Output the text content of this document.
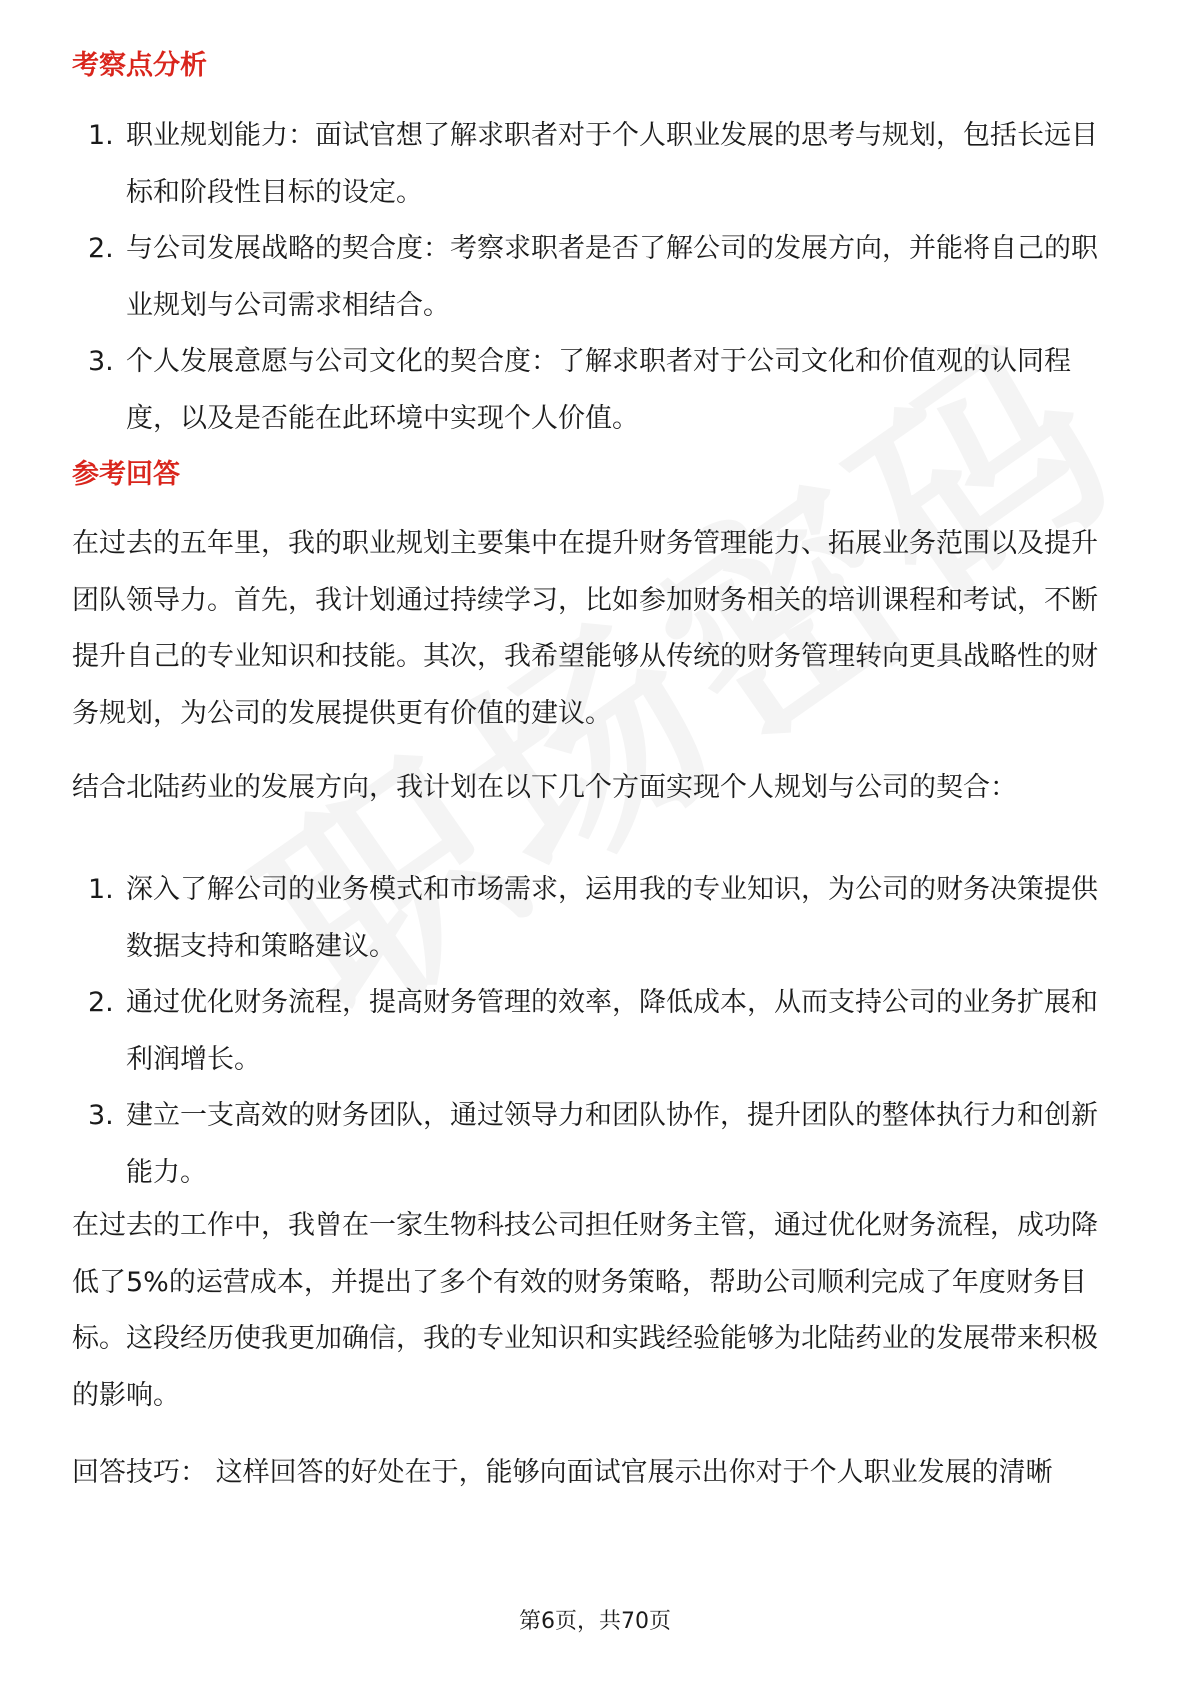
考察点分析
1. 职业规划能力：面试官想了解求职者对于个人职业发展的思考与规划，包括长远目标和阶段性目标的设定。
2. 与公司发展战略的契合度：考察求职者是否了解公司的发展方向，并能将自己的职业规划与公司需求相结合。
3. 个人发展意愿与公司文化的契合度：了解求职者对于公司文化和价值观的认同程度，以及是否能在此环境中实现个人价值。
参考回答

在过去的五年里，我的职业规划主要集中在提升财务管理能力、拓展业务范围以及提升团队领导力。首先，我计划通过持续学习，比如参加财务相关的培训课程和考试，不断提升自己的专业知识和技能。其次，我希望能够从传统的财务管理转向更具战略性的财务规划，为公司的发展提供更有价值的建议。

结合北陆药业的发展方向，我计划在以下几个方面实现个人规划与公司的契合：

1. 深入了解公司的业务模式和市场需求，运用我的专业知识，为公司的财务决策提供数据支持和策略建议。
2. 通过优化财务流程，提高财务管理的效率，降低成本，从而支持公司的业务扩展和利润增长。
3. 建立一支高效的财务团队，通过领导力和团队协作，提升团队的整体执行力和创新能力。

在过去的工作中，我曾在一家生物科技公司担任财务主管，通过优化财务流程，成功降低了5%的运营成本，并提出了多个有效的财务策略，帮助公司顺利完成了年度财务目标。这段经历使我更加确信，我的专业知识和实践经验能够为北陆药业的发展带来积极的影响。

回答技巧： 这样回答的好处在于，能够向面试官展示出你对于个人职业发展的清晰

第6页，共70页
